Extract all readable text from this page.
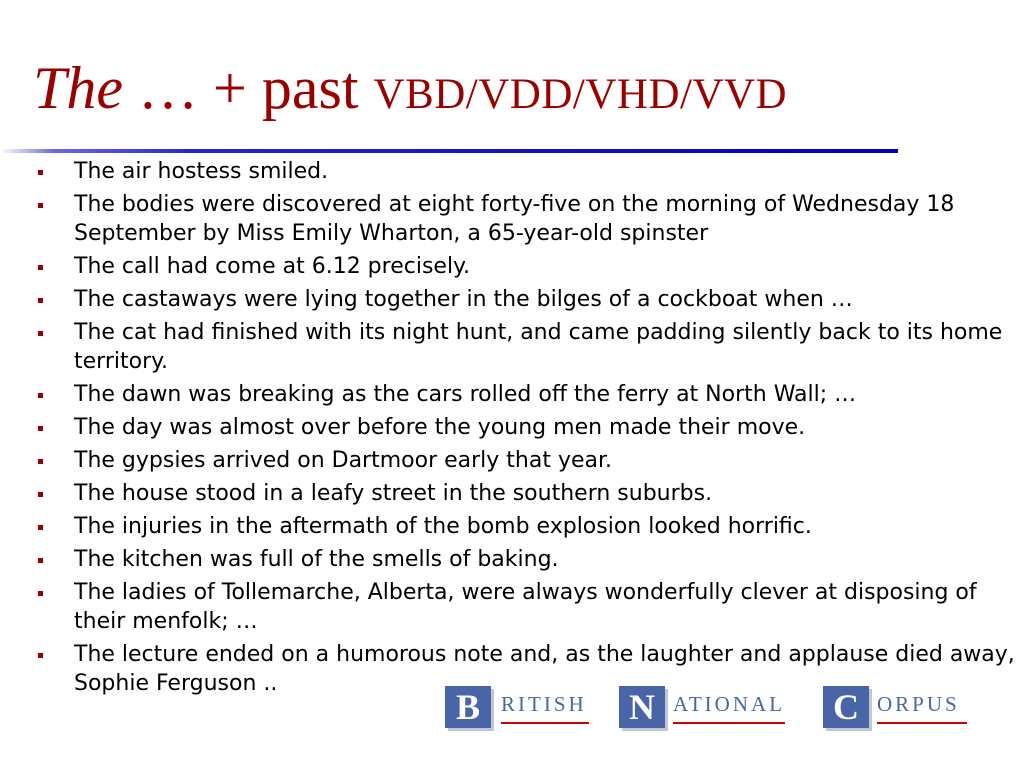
The … + past VBD/VDD/VHD/VVD
The air hostess smiled.
The bodies were discovered at eight forty-five on the morning of Wednesday 18 September by Miss Emily Wharton, a 65-year-old spinster
The call had come at 6.12 precisely.
The castaways were lying together in the bilges of a cockboat when …
The cat had finished with its night hunt, and came padding silently back to its home territory.
The dawn was breaking as the cars rolled off the ferry at North Wall; …
The day was almost over before the young men made their move.
The gypsies arrived on Dartmoor early that year.
The house stood in a leafy street in the southern suburbs.
The injuries in the aftermath of the bomb explosion looked horrific.
The kitchen was full of the smells of baking.
The ladies of Tollemarche, Alberta, were always wonderfully clever at disposing of their menfolk; …
The lecture ended on a humorous note and, as the laughter and applause died away, Sophie Ferguson ..
B	RITISH N ATIONAL C ORPUS
